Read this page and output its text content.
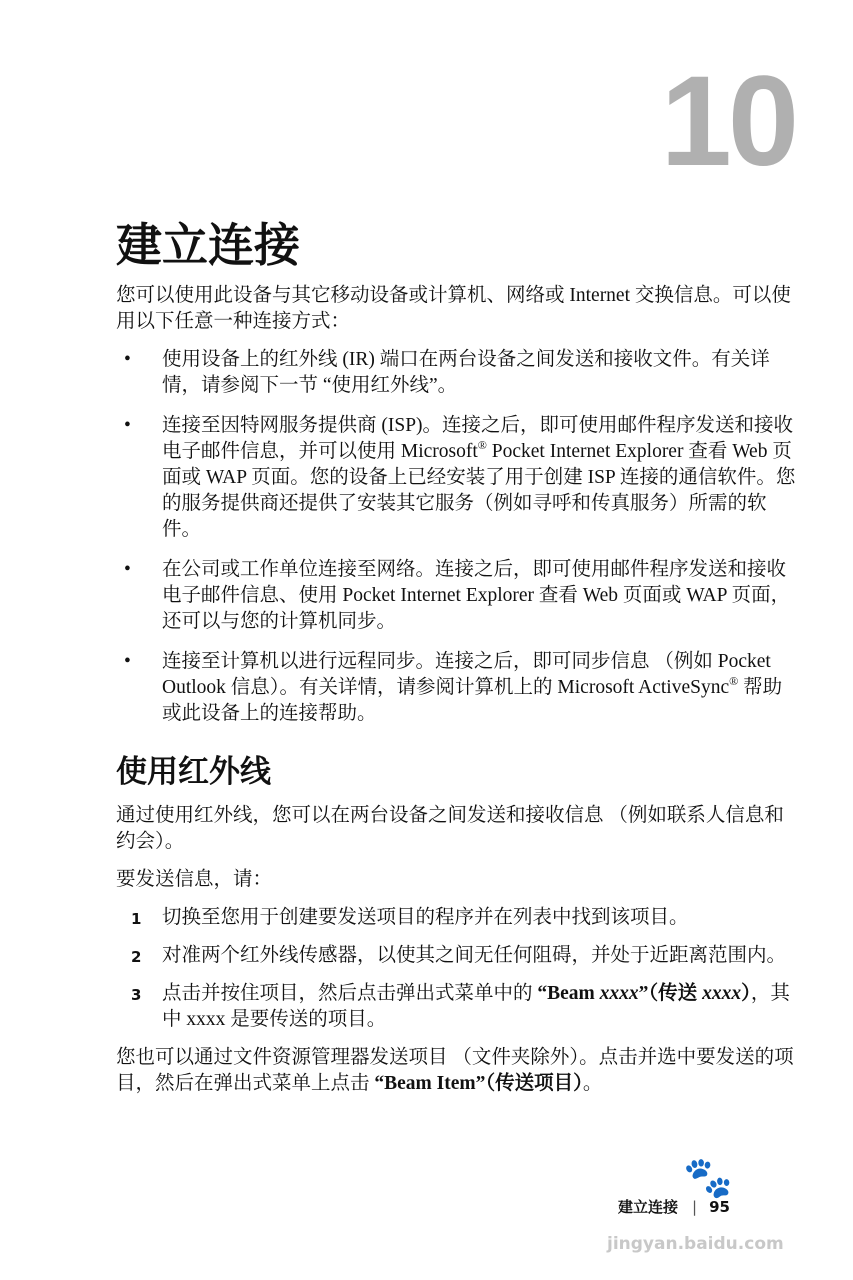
10
建立连接

您可以使用此设备与其它移动设备或计算机、网络或 Internet 交换信息。可以使用以下任意一种连接方式：

• 使用设备上的红外线 (IR) 端口在两台设备之间发送和接收文件。有关详情，请参阅下一节 “使用红外线”。
• 连接至因特网服务提供商 (ISP)。连接之后，即可使用邮件程序发送和接收电子邮件信息，并可以使用 Microsoft® Pocket Internet Explorer 查看 Web 页面或 WAP 页面。您的设备上已经安装了用于创建 ISP 连接的通信软件。您的服务提供商还提供了安装其它服务（例如寻呼和传真服务）所需的软件。
• 在公司或工作单位连接至网络。连接之后，即可使用邮件程序发送和接收电子邮件信息、使用 Pocket Internet Explorer 查看 Web 页面或 WAP 页面，还可以与您的计算机同步。
• 连接至计算机以进行远程同步。连接之后，即可同步信息 （例如 Pocket Outlook 信息）。有关详情，请参阅计算机上的 Microsoft ActiveSync® 帮助或此设备上的连接帮助。
使用红外线

通过使用红外线，您可以在两台设备之间发送和接收信息 （例如联系人信息和约会）。

要发送信息，请：

1 切换至您用于创建要发送项目的程序并在列表中找到该项目。
2 对准两个红外线传感器，以使其之间无任何阻碍，并处于近距离范围内。
3 点击并按住项目，然后点击弹出式菜单中的 “Beam xxxx”（传送 xxxx），其中 xxxx 是要传送的项目。

您也可以通过文件资源管理器发送项目 （文件夹除外）。点击并选中要发送的项目，然后在弹出式菜单上点击 “Beam Item”（传送项目）。

🐾
jingyan.baidu.com
建立连接 | 95
